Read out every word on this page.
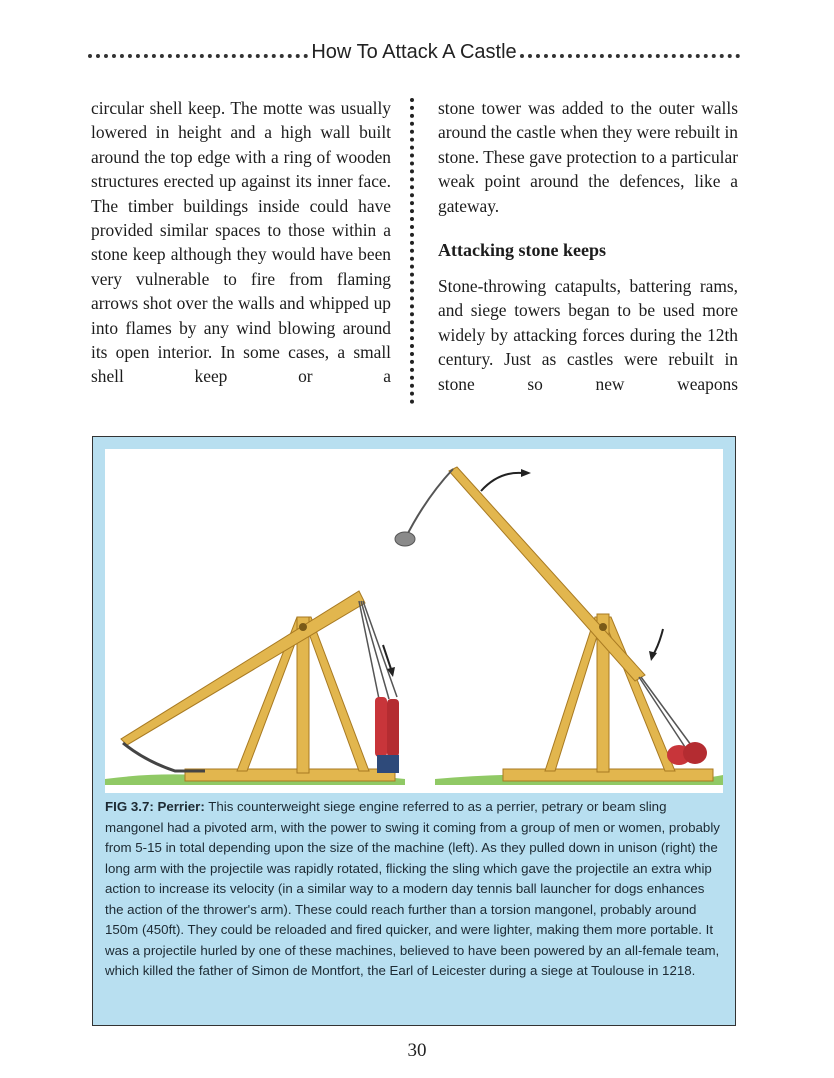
How To Attack A Castle

circular shell keep. The motte was usually lowered in height and a high wall built around the top edge with a ring of wooden structures erected up against its inner face. The timber buildings inside could have provided similar spaces to those within a stone keep although they would have been very vulnerable to fire from flaming arrows shot over the walls and whipped up into flames by any wind blowing around its open interior. In some cases, a small shell keep or a

stone tower was added to the outer walls around the castle when they were rebuilt in stone. These gave protection to a particular weak point around the defences, like a gateway.

Attacking stone keeps

Stone-throwing catapults, battering rams, and siege towers began to be used more widely by attacking forces during the 12th century. Just as castles were rebuilt in stone so new weapons

FIG 3.7: Perrier: This counterweight siege engine referred to as a perrier, petrary or beam sling mangonel had a pivoted arm, with the power to swing it coming from a group of men or women, probably from 5-15 in total depending upon the size of the machine (left). As they pulled down in unison (right) the long arm with the projectile was rapidly rotated, flicking the sling which gave the projectile an extra whip action to increase its velocity (in a similar way to a modern day tennis ball launcher for dogs enhances the action of the thrower's arm). These could reach further than a torsion mangonel, probably around 150m (450ft). They could be reloaded and fired quicker, and were lighter, making them more portable. It was a projectile hurled by one of these machines, believed to have been powered by an all-female team, which killed the father of Simon de Montfort, the Earl of Leicester during a siege at Toulouse in 1218.
30
